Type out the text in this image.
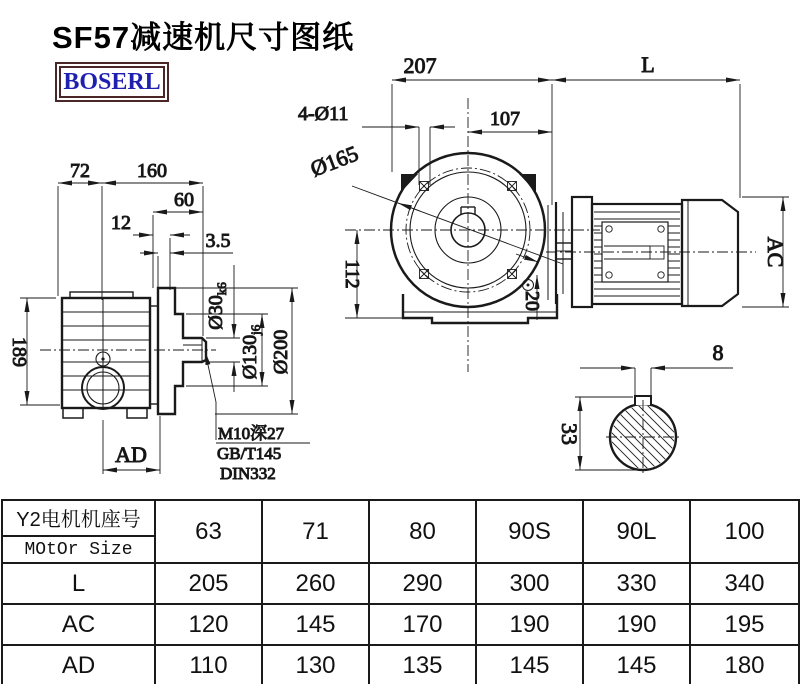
72 160
60
12
3.5
189
AD
$Ø30_{k6}$
$Ø130_{j6}$ Ø200
M10深27
GB/T145
DIN332
207	L
4-Ø11	107
Ø165
112
20
AC
8
33
SF57减速机尺寸图纸
BOSERL
Y2电机机座号
MOtOr Size	63	71	80	90S	90L	100
L	205	260	290	300	330	340
AC	120	145	170	190	190	195
AD	110	130	135	145	145	180
